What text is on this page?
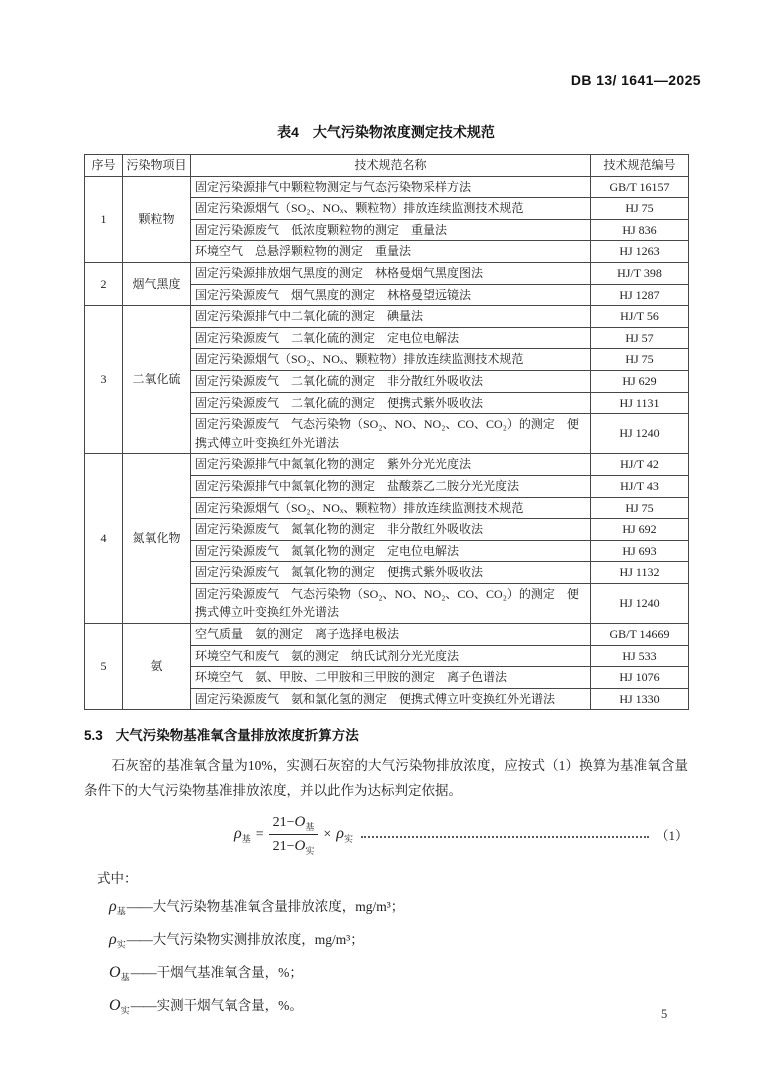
DB 13/ 1641—2025
表4　大气污染物浓度测定技术规范
序号	污染物项目	技术规范名称	技术规范编号
1	颗粒物	固定污染源排气中颗粒物测定与气态污染物采样方法	GB/T 16157
		固定污染源烟气（SO₂、NOₓ、颗粒物）排放连续监测技术规范	HJ 75
		固定污染源废气　低浓度颗粒物的测定　重量法	HJ 836
		环境空气　总悬浮颗粒物的测定　重量法	HJ 1263
2	烟气黑度	固定污染源排放烟气黑度的测定　林格曼烟气黑度图法	HJ/T 398
		国定污染源废气　烟气黑度的测定　林格曼望远镜法	HJ 1287
3	二氧化硫	固定污染源排气中二氧化硫的测定　碘量法	HJ/T 56
		固定污染源废气　二氧化硫的测定　定电位电解法	HJ 57
		固定污染源烟气（SO₂、NOₓ、颗粒物）排放连续监测技术规范	HJ 75
		固定污染源废气　二氧化硫的测定　非分散红外吸收法	HJ 629
		固定污染源废气　二氧化硫的测定　便携式紫外吸收法	HJ 1131
		固定污染源废气　气态污染物（SO₂、NO、NO₂、CO、CO₂）的测定　便携式傅立叶变换红外光谱法	HJ 1240
4	氮氧化物	固定污染源排气中氮氧化物的测定　紫外分光光度法	HJ/T 42
		固定污染源排气中氮氧化物的测定　盐酸萘乙二胺分光光度法	HJ/T 43
		固定污染源烟气（SO₂、NOₓ、颗粒物）排放连续监测技术规范	HJ 75
		固定污染源废气　氮氧化物的测定　非分散红外吸收法	HJ 692
		固定污染源废气　氮氧化物的测定　定电位电解法	HJ 693
		固定污染源废气　氮氧化物的测定　便携式紫外吸收法	HJ 1132
		固定污染源废气　气态污染物（SO₂、NO、NO₂、CO、CO₂）的测定　便携式傅立叶变换红外光谱法	HJ 1240
5	氨	空气质量　氨的测定　离子选择电极法	GB/T 14669
		环境空气和废气　氨的测定　纳氏试剂分光光度法	HJ 533
		环境空气　氨、甲胺、二甲胺和三甲胺的测定　离子色谱法	HJ 1076
		固定污染源废气　氨和氯化氢的测定　便携式傅立叶变换红外光谱法	HJ 1330
5.3 大气污染物基准氧含量排放浓度折算方法

石灰窑的基准氧含量为10%，实测石灰窑的大气污染物排放浓度，应按式（1）换算为基准氧含量条件下的大气污染物基准排放浓度，并以此作为达标判定依据。

$\rho_基 = \frac{21-O_基}{21-O_实} \times \rho_实$	（1）
式中：
$\rho_基$ —— 大气污染物基准氧含量排放浓度，mg/m³；
$\rho_实$ —— 大气污染物实测排放浓度，mg/m³；
$O_基$ —— 干烟气基准氧含量，%；
$O_实$ —— 实测干烟气氧含量，%。
5
